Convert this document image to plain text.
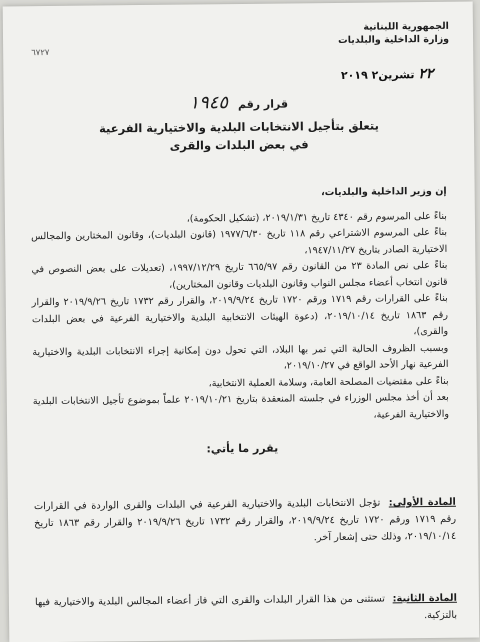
الجمهورية اللبنانية
وزارة الداخلية والبلديات
٦٧٢٧
٢٢ تشرين٢ ٢٠١٩
قرار رقم ١٩٤٥
يتعلق بتأجيل الانتخابات البلدية والاختيارية الفرعية
في بعض البلدات والقرى

إن وزير الداخلية والبلديات،

بناءً على المرسوم رقم ٤٣٤٠ تاريخ ٢٠١٩/١/٣١، (تشكيل الحكومة)،

بناءً على المرسوم الاشتراعي رقم ١١٨ تاريخ ١٩٧٧/٦/٣٠ (قانون البلديات)، وقانون المختارين والمجالس الاختيارية الصادر بتاريخ ١٩٤٧/١١/٢٧،

بناءً على نص المادة ٢٣ من القانون رقم ٦٦٥/٩٧ تاريخ ١٩٩٧/١٢/٢٩، (تعديلات على بعض النصوص في قانون انتخاب أعضاء مجلس النواب وقانون البلديات وقانون المختارين)،

بناءً على القرارات رقم ١٧١٩ ورقم ١٧٢٠ تاريخ ٢٠١٩/٩/٢٤، والقرار رقم ١٧٣٢ تاريخ ٢٠١٩/٩/٢٦ والقرار رقم ١٨٦٣ تاريخ ٢٠١٩/١٠/١٤، (دعوة الهيئات الانتخابية البلدية والاختيارية الفرعية في بعض البلدات والقرى)،

وبسبب الظروف الحالية التي تمر بها البلاد، التي تحول دون إمكانية إجراء الانتخابات البلدية والاختيارية الفرعية نهار الأحد الواقع في ٢٠١٩/١٠/٢٧،

بناءً على مقتضيات المصلحة العامة، وسلامة العملية الانتخابية،

بعد أن أخذ مجلس الوزراء في جلسته المنعقدة بتاريخ ٢٠١٩/١٠/٢١ علماً بموضوع تأجيل الانتخابات البلدية والاختيارية الفرعية،

يقرر ما يأتي:
المادة الأولى: تؤجل الانتخابات البلدية والاختيارية الفرعية في البلدات والقرى الواردة في القرارات رقم ١٧١٩ ورقم ١٧٢٠ تاريخ ٢٠١٩/٩/٢٤، والقرار رقم ١٧٣٢ تاريخ ٢٠١٩/٩/٢٦ والقرار رقم ١٨٦٣ تاريخ ٢٠١٩/١٠/١٤، وذلك حتى إشعار آخر.
المادة الثانية: تستثنى من هذا القرار البلدات والقرى التي فاز أعضاء المجالس البلدية والاختيارية فيها بالتزكية.
